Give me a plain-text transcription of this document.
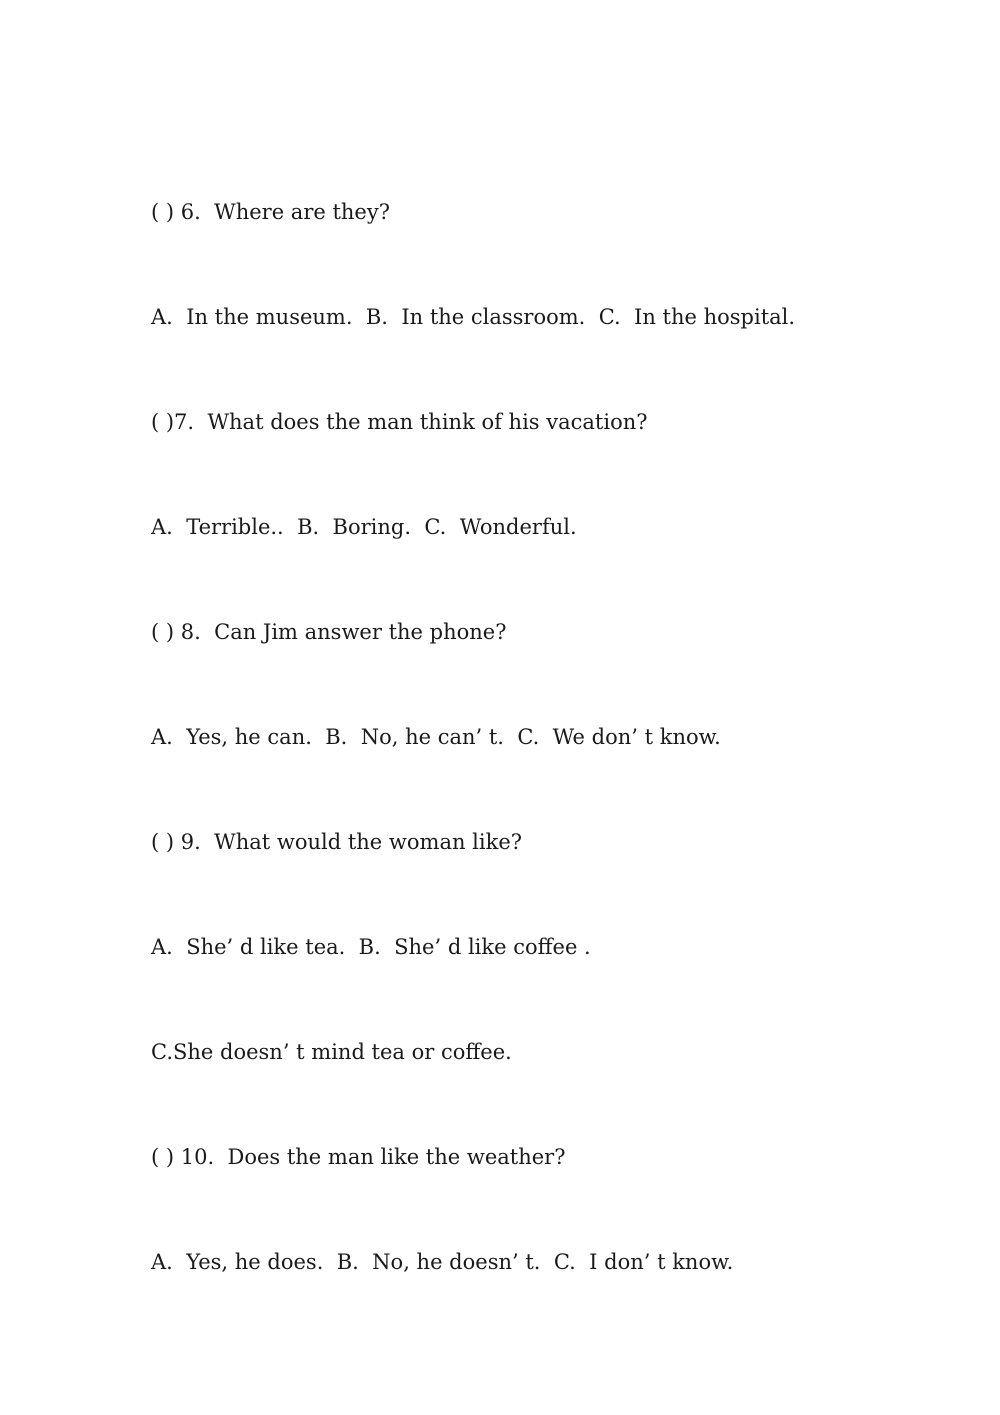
( ) 6.  Where are they?
A.  In the museum.  B.  In the classroom.  C.  In the hospital.
( )7.  What does the man think of his vacation?
A.  Terrible..  B.  Boring.  C.  Wonderful.
( ) 8.  Can Jim answer the phone?
A.  Yes, he can.  B.  No, he can’ t.  C.  We don’ t know.
( ) 9.  What would the woman like?
A.  She’ d like tea.  B.  She’ d like coffee .
C.She doesn’ t mind tea or coffee.
( ) 10.  Does the man like the weather?
A.  Yes, he does.  B.  No, he doesn’ t.  C.  I don’ t know.
